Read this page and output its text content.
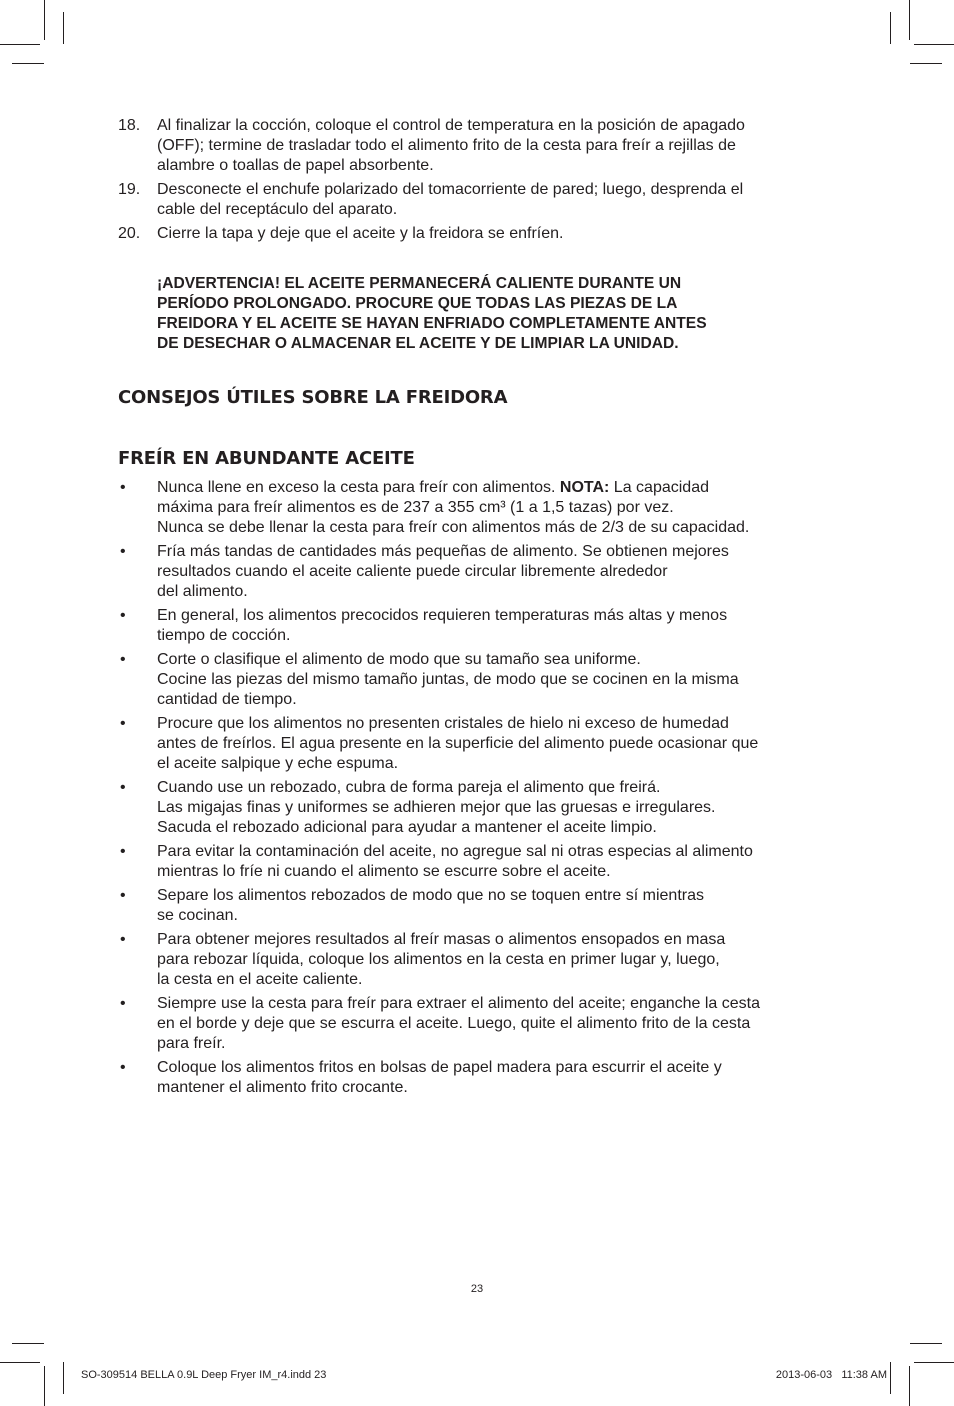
18. Al finalizar la cocción, coloque el control de temperatura en la posición de apagado
(OFF); termine de trasladar todo el alimento frito de la cesta para freír a rejillas de
alambre o toallas de papel absorbente.
19. Desconecte el enchufe polarizado del tomacorriente de pared; luego, desprenda el
cable del receptáculo del aparato.
20. Cierre la tapa y deje que el aceite y la freidora se enfríen.
¡ADVERTENCIA! EL ACEITE PERMANECERÁ CALIENTE DURANTE UN
PERÍODO PROLONGADO. PROCURE QUE TODAS LAS PIEZAS DE LA
FREIDORA Y EL ACEITE SE HAYAN ENFRIADO COMPLETAMENTE ANTES
DE DESECHAR O ALMACENAR EL ACEITE Y DE LIMPIAR LA UNIDAD.
CONSEJOS ÚTILES SOBRE LA FREIDORA
FREÍR EN ABUNDANTE ACEITE
• Nunca llene en exceso la cesta para freír con alimentos. NOTA: La capacidad
máxima para freír alimentos es de 237 a 355 cm³ (1 a 1,5 tazas) por vez.
Nunca se debe llenar la cesta para freír con alimentos más de 2/3 de su capacidad.
• Fría más tandas de cantidades más pequeñas de alimento. Se obtienen mejores
resultados cuando el aceite caliente puede circular libremente alrededor
del alimento.
• En general, los alimentos precocidos requieren temperaturas más altas y menos
tiempo de cocción.
• Corte o clasifique el alimento de modo que su tamaño sea uniforme.
Cocine las piezas del mismo tamaño juntas, de modo que se cocinen en la misma
cantidad de tiempo.
• Procure que los alimentos no presenten cristales de hielo ni exceso de humedad
antes de freírlos. El agua presente en la superficie del alimento puede ocasionar que
el aceite salpique y eche espuma.
• Cuando use un rebozado, cubra de forma pareja el alimento que freirá.
Las migajas finas y uniformes se adhieren mejor que las gruesas e irregulares.
Sacuda el rebozado adicional para ayudar a mantener el aceite limpio.
• Para evitar la contaminación del aceite, no agregue sal ni otras especias al alimento
mientras lo fríe ni cuando el alimento se escurre sobre el aceite.
• Separe los alimentos rebozados de modo que no se toquen entre sí mientras
se cocinan.
• Para obtener mejores resultados al freír masas o alimentos ensopados en masa
para rebozar líquida, coloque los alimentos en la cesta en primer lugar y, luego,
la cesta en el aceite caliente.
• Siempre use la cesta para freír para extraer el alimento del aceite; enganche la cesta
en el borde y deje que se escurra el aceite. Luego, quite el alimento frito de la cesta
para freír.
• Coloque los alimentos fritos en bolsas de papel madera para escurrir el aceite y
mantener el alimento frito crocante.
23
SO-309514 BELLA 0.9L Deep Fryer IM_r4.indd 23	2013-06-03   11:38 AM
